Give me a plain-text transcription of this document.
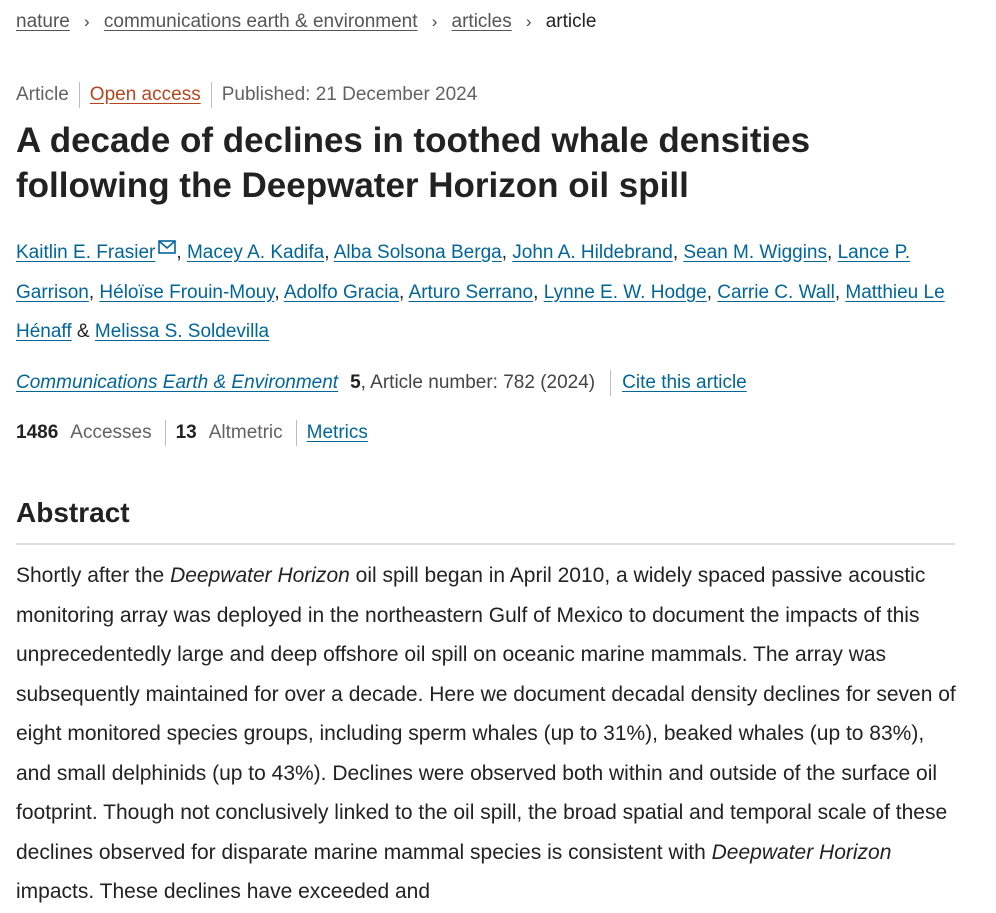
nature › communications earth & environment › articles › article
Article Open access Published: 21 December 2024
A decade of declines in toothed whale densities following the Deepwater Horizon oil spill
Kaitlin E. Frasier , Macey A. Kadifa, Alba Solsona Berga, John A. Hildebrand, Sean M. Wiggins, Lance P. Garrison, Héloïse Frouin-Mouy, Adolfo Gracia, Arturo Serrano, Lynne E. W. Hodge, Carrie C. Wall, Matthieu Le Hénaff & Melissa S. Soldevilla
Communications Earth & Environment 5 , Article number: 782 (2024) Cite this article
1486 Accesses 13 Altmetric Metrics
Abstract

Shortly after the Deepwater Horizon oil spill began in April 2010, a widely spaced passive acoustic monitoring array was deployed in the northeastern Gulf of Mexico to document the impacts of this unprecedentedly large and deep offshore oil spill on oceanic marine mammals. The array was subsequently maintained for over a decade. Here we document decadal density declines for seven of eight monitored species groups, including sperm whales (up to 31%), beaked whales (up to 83%), and small delphinids (up to 43%). Declines were observed both within and outside of the surface oil footprint. Though not conclusively linked to the oil spill, the broad spatial and temporal scale of these declines observed for disparate marine mammal species is consistent with Deepwater Horizon impacts. These declines have exceeded and
